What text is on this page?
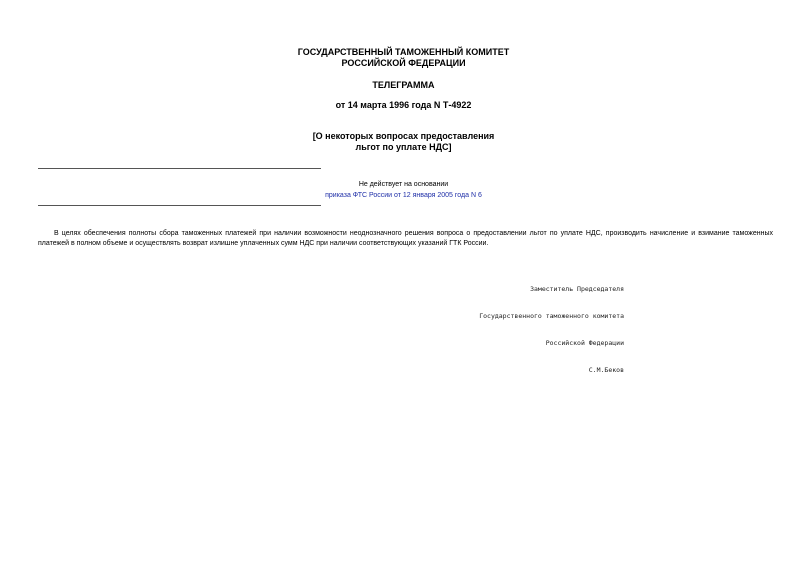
ГОСУДАРСТВЕННЫЙ ТАМОЖЕННЫЙ КОМИТЕТ
РОССИЙСКОЙ ФЕДЕРАЦИИ
ТЕЛЕГРАММА
от 14 марта 1996 года N Т-4922
[О некоторых вопросах предоставления
льгот по уплате НДС]
Не действует на основании
приказа ФТС России от 12 января 2005 года N 6

В целях обеспечения полноты сбора таможенных платежей при наличии возможности неоднозначного решения вопроса о предоставлении льгот по уплате НДС, производить начисление и взимание таможенных платежей в полном объеме и осуществлять возврат излишне уплаченных сумм НДС при наличии соответствующих указаний ГТК России.

Заместитель Председателя

Государственного таможенного комитета

Российской Федерации

С.М.Беков
